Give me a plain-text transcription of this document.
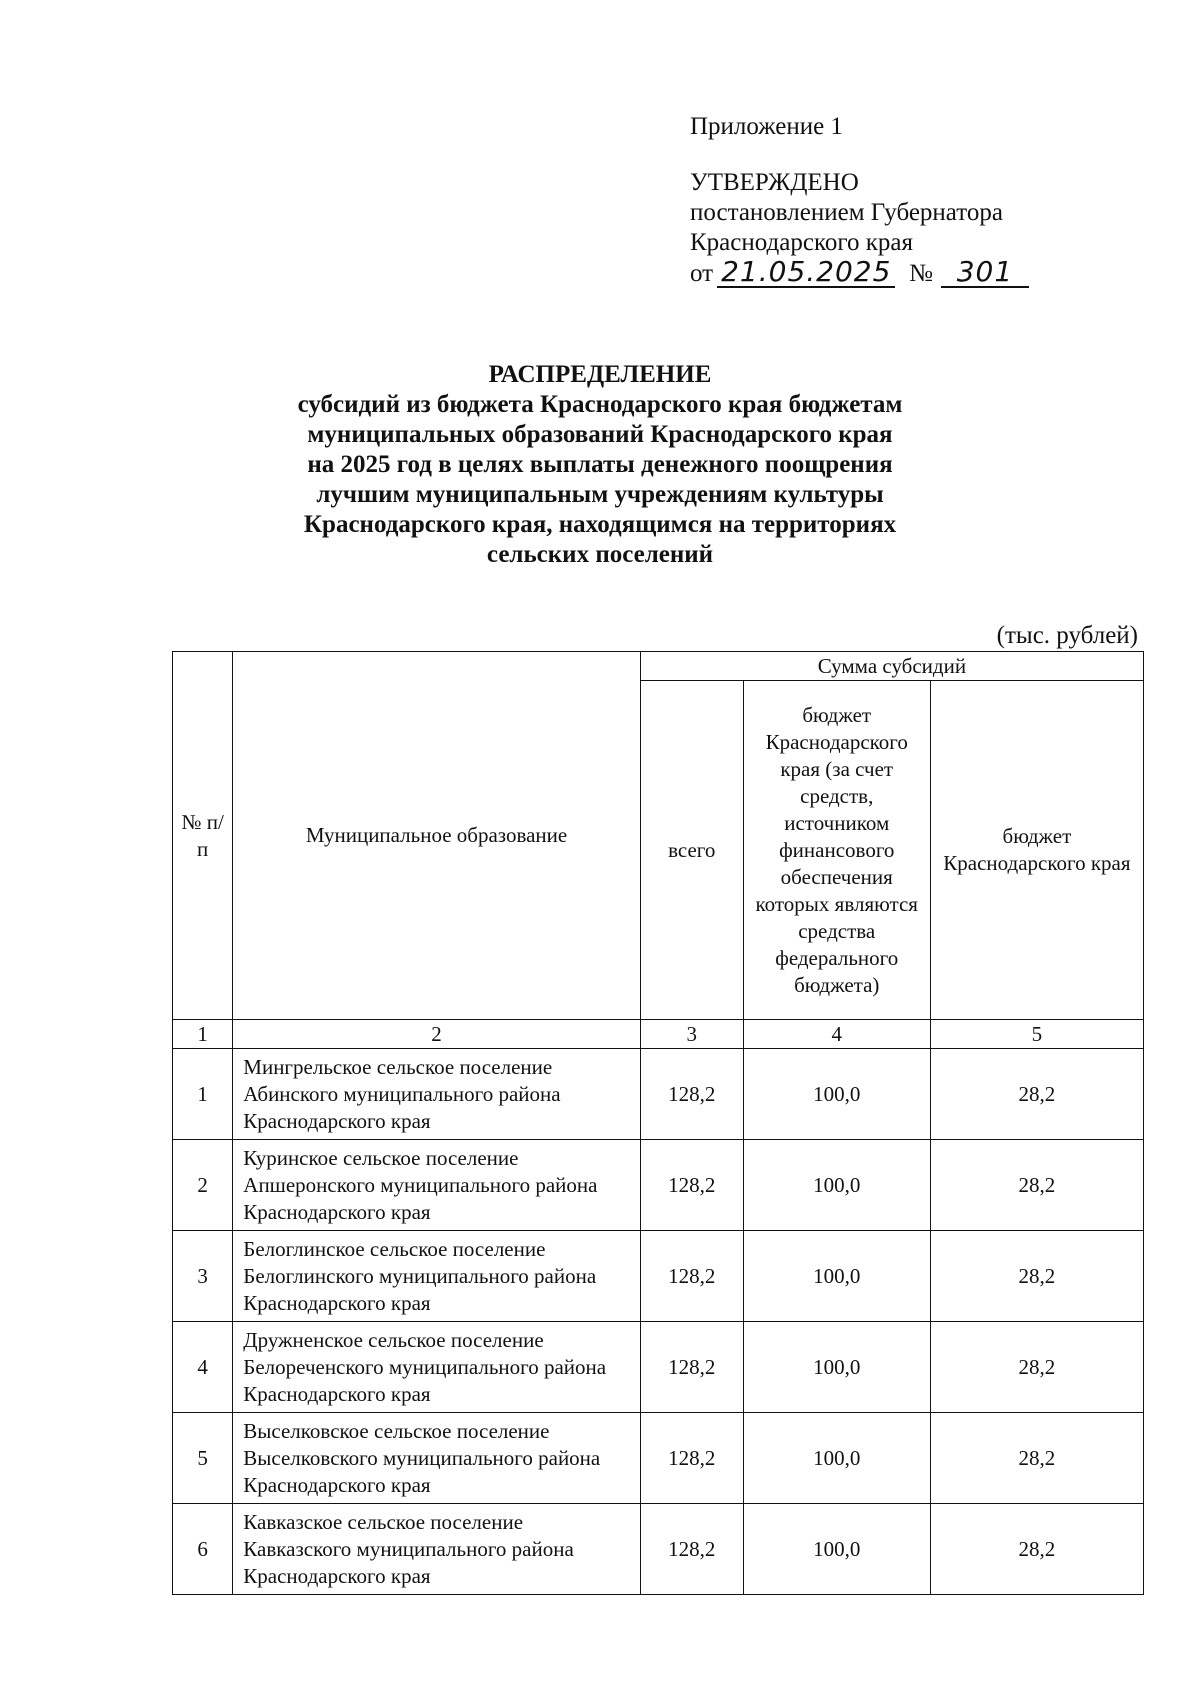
Приложение 1
УТВЕРЖДЕНО
постановлением Губернатора
Краснодарского края
от 21.05.2025 № 301
РАСПРЕДЕЛЕНИЕ
субсидий из бюджета Краснодарского края бюджетам
муниципальных образований Краснодарского края
на 2025 год в целях выплаты денежного поощрения
лучшим муниципальным учреждениям культуры
Краснодарского края, находящимся на территориях
сельских поселений
(тыс. рублей)
№ п/п	Муниципальное образование	Сумма субсидий		
		всего	бюджет Краснодарского края (за счет средств, источником финансового обеспечения которых являются средства федерального бюджета)	бюджет Краснодарского края
1	2	3	4	5
1	Мингрельское сельское поселение Абинского муниципального района Краснодарского края	128,2	100,0	28,2
2	Куринское сельское поселение Апшеронского муниципального района Краснодарского края	128,2	100,0	28,2
3	Белоглинское сельское поселение Белоглинского муниципального района Краснодарского края	128,2	100,0	28,2
4	Дружненское сельское поселение Белореченского муниципального района Краснодарского края	128,2	100,0	28,2
5	Выселковское сельское поселение Выселковского муниципального района Краснодарского края	128,2	100,0	28,2
6	Кавказское сельское поселение Кавказского муниципального района Краснодарского края	128,2	100,0	28,2
